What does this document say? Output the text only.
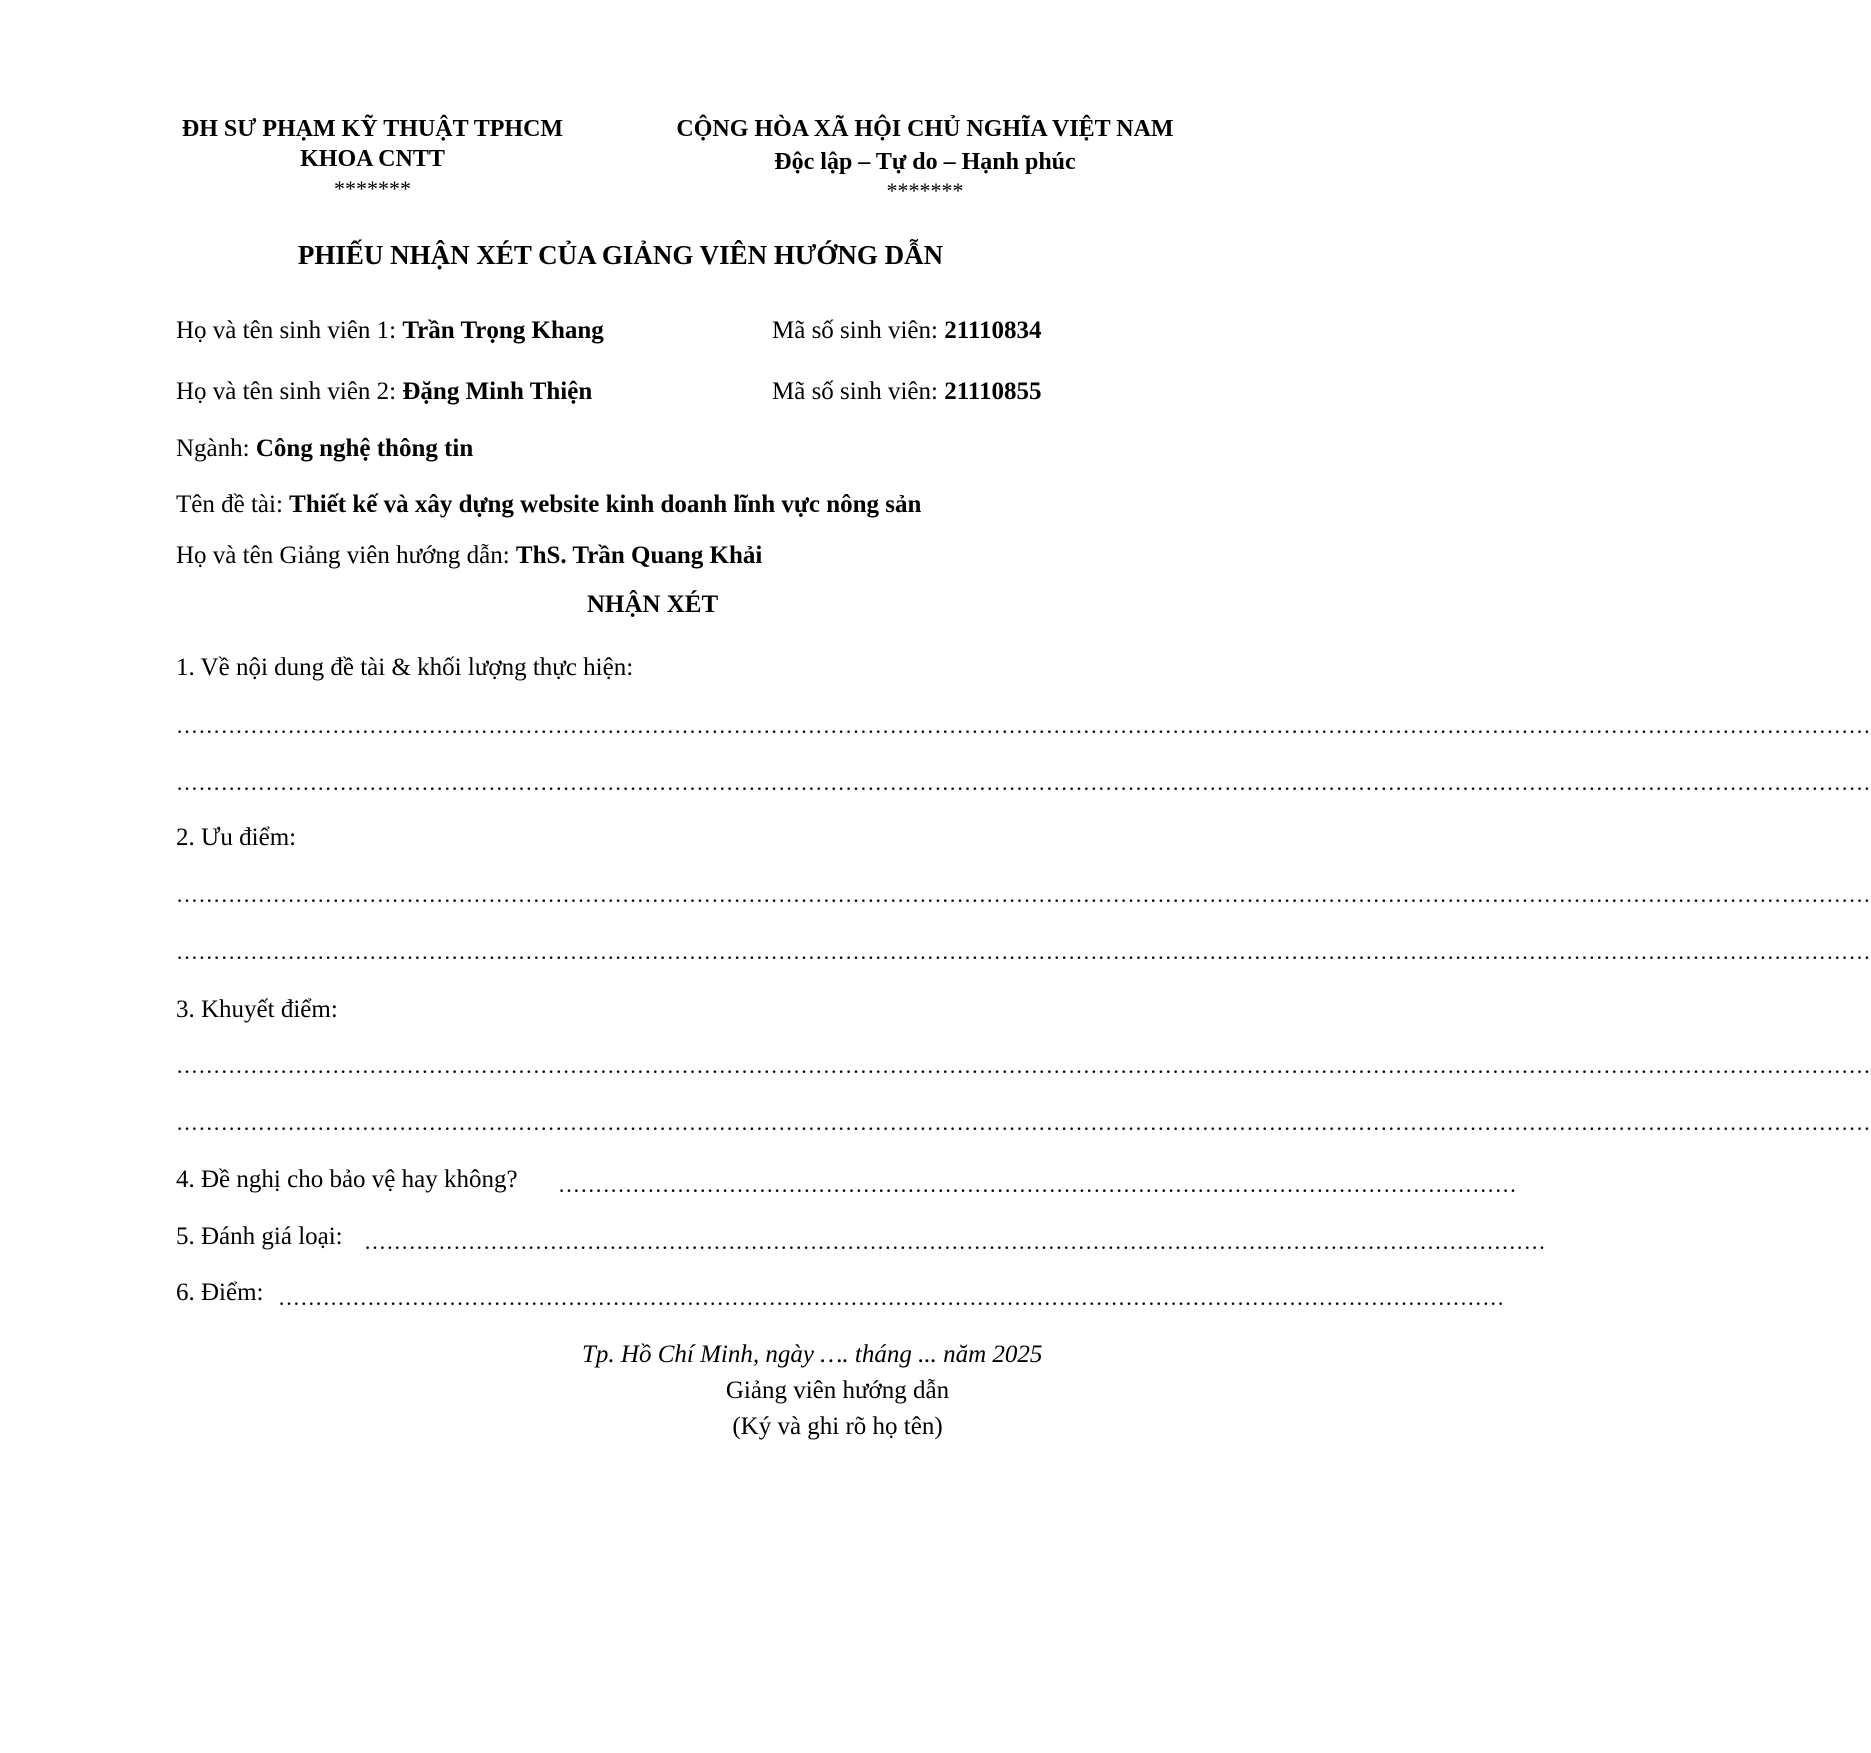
ĐH SƯ PHẠM KỸ THUẬT TPHCM
KHOA CNTT
*******
CỘNG HÒA XÃ HỘI CHỦ NGHĨA VIỆT NAM
Độc lập – Tự do – Hạnh phúc
*******
PHIẾU NHẬN XÉT CỦA GIẢNG VIÊN HƯỚNG DẪN
Họ và tên sinh viên 1: Trần Trọng Khang	Mã số sinh viên: 21110834
Họ và tên sinh viên 2: Đặng Minh Thiện	Mã số sinh viên: 21110855
Ngành: Công nghệ thông tin
Tên đề tài: Thiết kế và xây dựng website kinh doanh lĩnh vực nông sản
Họ và tên Giảng viên hướng dẫn: ThS. Trần Quang Khải
NHẬN XÉT
1. Về nội dung đề tài & khối lượng thực hiện:
…………………………………………………………………………………………………………………………………………………………………………………………………………
…………………………………………………………………………………………………………………………………………………………………………………………………………
2. Ưu điểm:
…………………………………………………………………………………………………………………………………………………………………………………………………………
…………………………………………………………………………………………………………………………………………………………………………………………………………
3. Khuyết điểm:
…………………………………………………………………………………………………………………………………………………………………………………………………………
…………………………………………………………………………………………………………………………………………………………………………………………………………
4. Đề nghị cho bảo vệ hay không? …………………………………………………………………………………………………………………
5. Đánh giá loại: ……………………………………………………………………………………………………………………………………………
6. Điểm: …………………………………………………………………………………………………………………………………………………
Tp. Hồ Chí Minh, ngày …. tháng ... năm 2025
Giảng viên hướng dẫn
(Ký và ghi rõ họ tên)
